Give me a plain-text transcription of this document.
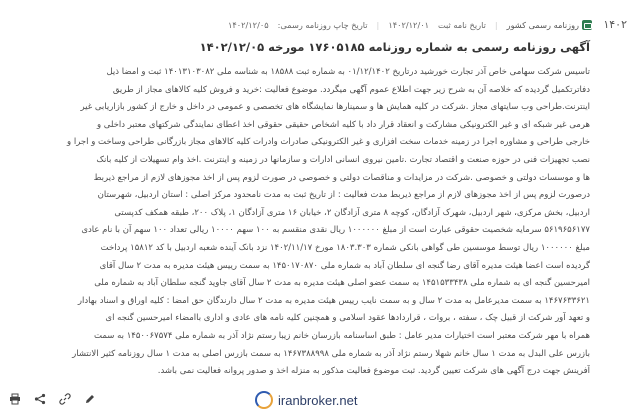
۱۴۰۲
روزنامه رسمی کشور
|
تاریخ نامه ثبت
۱۴۰۲/۱۲/۰۱
|
تاریخ چاپ روزنامه رسمی:
۱۴۰۲/۱۲/۰۵
آگهی روزنامه رسمی به شماره روزنامه ۱۷۶۰۵۱۸۵ مورخه ۱۴۰۲/۱۲/۰۵

تاسیس شرکت سهامی خاص آذر تجارت خورشید درتاریخ ۰۱/۱۲/۱۴۰۲ به شماره ثبت ۱۸۵۸۸ به شناسه ملی ۱۴۰۱۳۱۰۳۰۸۲ ثبت و امضا ذیل

دفاترتکمیل گردیده که خلاصه آن به شرح زیر جهت اطلاع عموم آگهی میگردد. موضوع فعالیت :خرید و فروش کلیه کالاهای مجاز از طریق

اینترنت.طراحی وب سایتهای مجاز .شرکت در کلیه همایش ها و سمینارها نمایشگاه های تخصصی و عمومی در داخل و خارج از کشور بازاریابی غیر

هرمی غیر شبکه ای و غیر الکترونیکی مشارکت و انعقاد قرار داد با کلیه اشخاص حقیقی حقوقی اخذ اعطای نمایندگی شرکتهای معتبر داخلی و

خارجی طراحی و مشاوره اجرا در زمینه خدمات سخت افزاری و غیر الکترونیکی صادرات وادرات کلیه کالاهای مجاز بازرگانی طراحی وساخت و اجرا و

نصب تجهیزات فنی در حوزه صنعت و اقتصاد تجارت .تامین نیروی انسانی ادارات و سازمانها در زمینه و اینترنت .اخذ وام تسهیلات از کلیه بانک

ها و موسسات دولتی و خصوصی .شرکت در مزایدات و مناقصات دولتی و خصوصی در صورت لزوم پس از اخذ مجوزهای لازم از مراجع ذیربط

درصورت لزوم پس از اخذ مجوزهای لازم از مراجع ذیربط مدت فعالیت : از تاریخ ثبت به مدت نامحدود مرکز اصلی : استان اردبیل، شهرستان

اردبیل، بخش مرکزی، شهر اردبیل، شهرک آزادگان، کوچه ۸ متری آزادگان ۲، خیابان ۱۶ متری آزادگان ۱، پلاک ۲۰۰، طبقه همکف کدپستی

۵۶۱۹۶۵۶۱۷۷ سرمایه شخصیت حقوقی عبارت است از مبلغ ۱۰۰۰۰۰۰ ریال نقدی منقسم به ۱۰۰ سهم ۱۰۰۰۰ ریالی تعداد ۱۰۰ سهم آن با نام عادی

مبلغ ۱۰۰۰۰۰۰ ریال توسط موسسین طی گواهی بانکی شماره ۱۸۰۳.۳۰۳ مورخ ۱۴۰۲/۱۱/۱۷ نزد بانک آینده شعبه اردبیل با کد ۱۵۸۱۲ پرداخت

گردیده است اعضا هیئت مدیره آقای رضا گنجه ای سلطان آباد به شماره ملی ۱۴۵۰۱۷۰۸۷۰ به سمت رییس هیئت مدیره به مدت ۲ سال آقای

امیرحسین گنجه ای به شماره ملی ۱۴۵۱۵۳۳۴۳۸ به سمت عضو اصلی هیئت مدیره به مدت ۲ سال آقای جاوید گنجه سلطان آباد به شماره ملی

۱۴۶۷۶۳۳۶۲۱ به سمت مدیرعامل به مدت ۲ سال و به سمت نایب رییس هیئت مدیره به مدت ۲ سال دارندگان حق امضا : کلیه اوراق و اسناد بهادار

و تعهد آور شرکت از قبیل چک ، سفته ، بروات ، قراردادها عقود اسلامی و همچنین کلیه نامه های عادی و اداری باامضاء امیرحسین گنجه ای

همراه با مهر شرکت معتبر است اختیارات مدیر عامل : طبق اساسنامه بازرسان خانم زیبا رستم نژاد آذر به شماره ملی ۱۴۵۰۰۶۷۵۷۴ به سمت

بازرس علی البدل به مدت ۱ سال خانم شهلا رستم نژاد آذر به شماره ملی ۱۴۶۷۳۸۸۹۹۸ به سمت بازرس اصلی به مدت ۱ سال روزنامه کثیر الانتشار

آفرینش جهت درج آگهی های شرکت تعیین گردید. ثبت موضوع فعالیت مذکور به منزله اخذ و صدور پروانه فعالیت نمی باشد.

iranbroker.net
